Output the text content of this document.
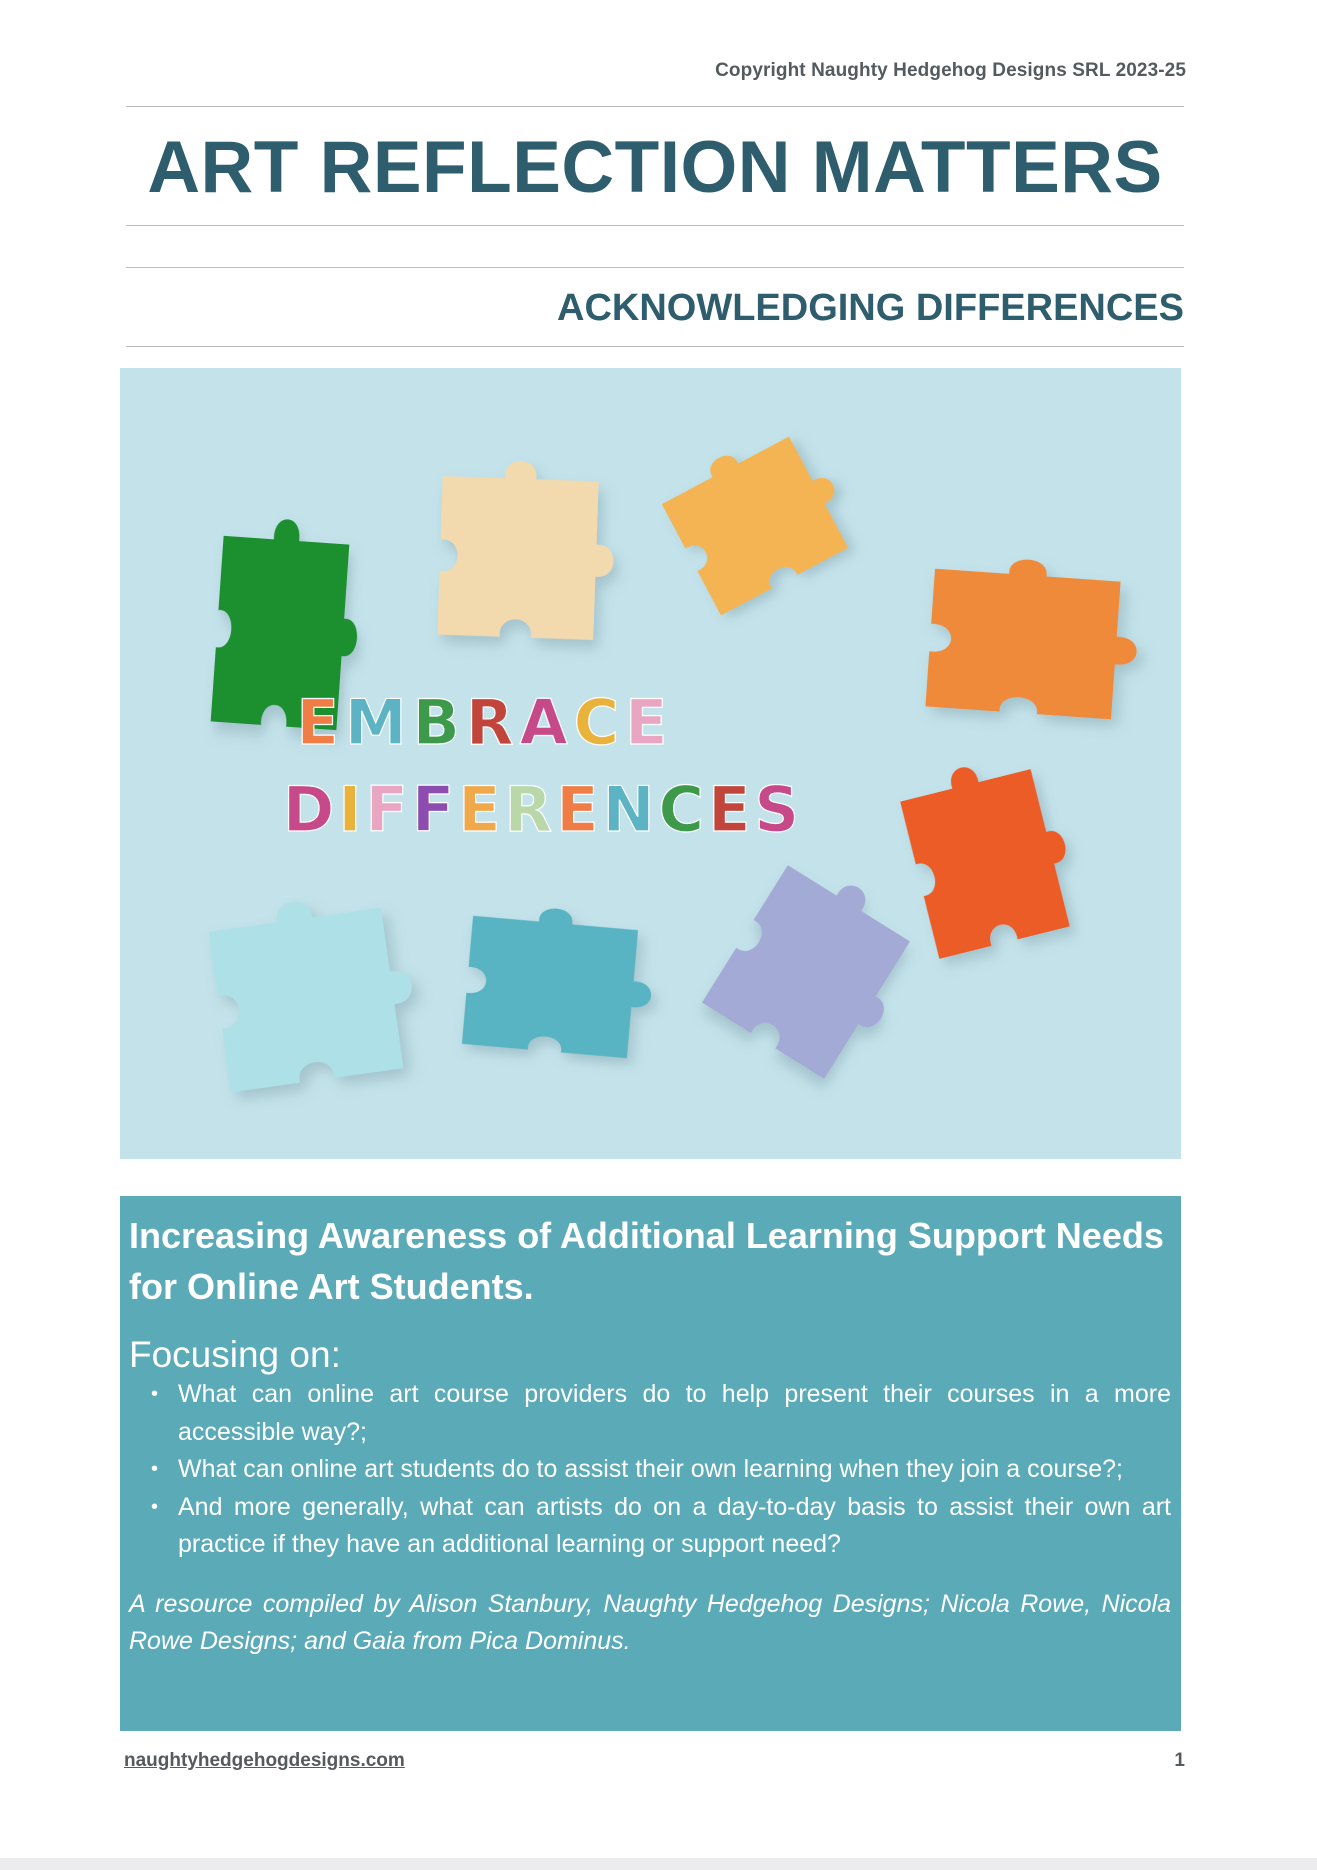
Copyright Naughty Hedgehog Designs SRL 2023-25
ART REFLECTION MATTERS
ACKNOWLEDGING DIFFERENCES
EMBRACE
DIFFERENCES

Increasing Awareness of Additional Learning Support Needs for Online Art Students.

Focusing on:

• What can online art course providers do to help present their courses in a more accessible way?;
• What can online art students do to assist their own learning when they join a course?;
• And more generally, what can artists do on a day-to-day basis to assist their own art practice if they have an additional learning or support need?

A resource compiled by Alison Stanbury, Naughty Hedgehog Designs; Nicola Rowe, Nicola Rowe Designs; and Gaia from Pica Dominus.

naughtyhedgehogdesigns.com	1
